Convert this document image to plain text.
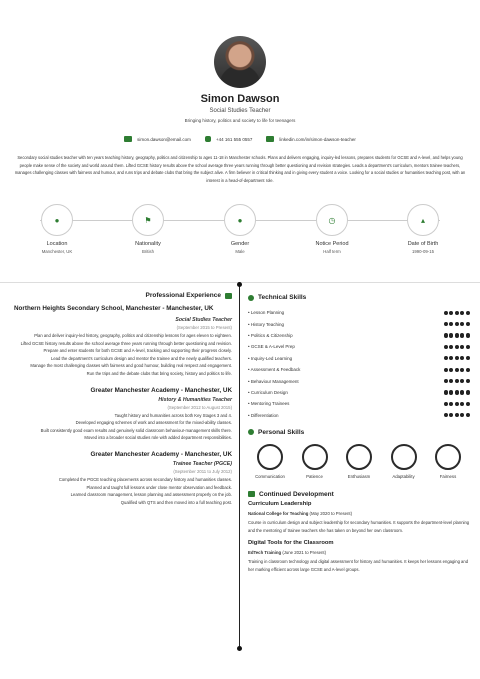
Simon Dawson
Social Studies Teacher
Bringing history, politics and society to life for teenagers
simon.dawson@email.com	+44 161 555 0557	linkedin.com/in/simon-dawson-teacher
Secondary social studies teacher with ten years teaching history, geography, politics and citizenship to ages 11-18 in Manchester schools. Plans and delivers engaging, inquiry-led lessons, prepares students for GCSE and A-level, and helps young people make sense of the society and world around them. Lifted GCSE history results above the school average three years running through better questioning and revision strategies. Leads a department's curriculum, mentors trainee teachers, manages challenging classes with fairness and humour, and runs trips and debate clubs that bring the subject alive. A firm believer in critical thinking and in giving every student a voice. Looking for a social studies or humanities teaching post, with an interest in a head-of-department role.
●
Location
Manchester, UK
⚑
Nationality
British
●
Gender
Male
◷
Notice Period
Half term
▴
Date of Birth
1990-09-15
Professional Experience
Northern Heights Secondary School, Manchester - Manchester, UK
Social Studies Teacher
(September 2015 to Present)
Plan and deliver inquiry-led history, geography, politics and citizenship lessons for ages eleven to eighteen.
Lifted GCSE history results above the school average three years running through better questioning and revision.
Prepare and enter students for both GCSE and A-level, tracking and supporting their progress closely.
Lead the department's curriculum design and mentor the trainee and the newly qualified teachers.
Manage the most challenging classes with fairness and good humour, building real respect and engagement.
Run the trips and the debate clubs that bring society, history and politics to life.
Greater Manchester Academy - Manchester, UK
History & Humanities Teacher
(September 2012 to August 2015)
Taught history and humanities across both Key Stages 3 and 4.
Developed engaging schemes of work and assessment for the mixed-ability classes.
Built consistently good exam results and genuinely solid classroom behaviour-management skills there.
Moved into a broader social studies role with added department responsibilities.
Greater Manchester Academy - Manchester, UK
Trainee Teacher (PGCE)
(September 2011 to July 2012)
Completed the PGCE teaching placements across secondary history and humanities classes.
Planned and taught full lessons under close mentor observation and feedback.
Learned classroom management, lesson planning and assessment properly on the job.
Qualified with QTS and then moved into a full teaching post.
Technical Skills
• Lesson Planning
• History Teaching
• Politics & Citizenship
• GCSE & A-Level Prep
• Inquiry-Led Learning
• Assessment & Feedback
• Behaviour Management
• Curriculum Design
• Mentoring Trainees
• Differentiation
Personal Skills
Communication	Patience	Enthusiasm	Adaptability	Fairness
Continued Development
Curriculum Leadership
National College for Teaching (May 2020 to Present)
Course in curriculum design and subject leadership for secondary humanities. It supports the department-level planning and the mentoring of trainee teachers she has taken on beyond her own classroom.
Digital Tools for the Classroom
EdTech Training (June 2021 to Present)
Training in classroom technology and digital assessment for history and humanities. It keeps her lessons engaging and her marking efficient across large GCSE and A-level groups.
